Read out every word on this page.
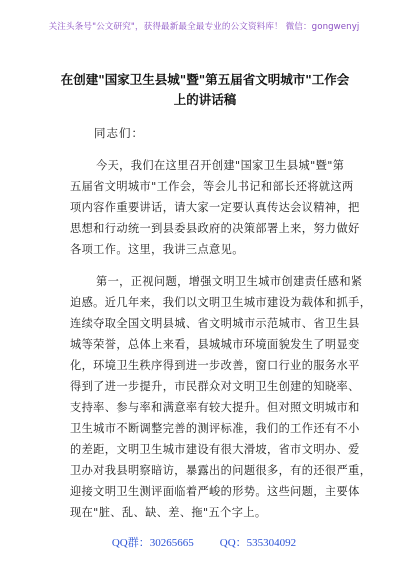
关注头条号"公文研究"，获得最新最全最专业的公文资料库！ 微信：gongwenyj
在创建"国家卫生县城"暨"第五届省文明城市"工作会
上的讲话稿
同志们：
今天，我们在这里召开创建"国家卫生县城"暨"第
五届省文明城市"工作会，等会儿书记和部长还将就这两
项内容作重要讲话，请大家一定要认真传达会议精神，把
思想和行动统一到县委县政府的决策部署上来，努力做好
各项工作。这里，我讲三点意见。
第一，正视问题，增强文明卫生城市创建责任感和紧
迫感。近几年来，我们以文明卫生城市建设为载体和抓手，
连续夺取全国文明县城、省文明城市示范城市、省卫生县
城等荣誉，总体上来看，县城城市环境面貌发生了明显变
化，环境卫生秩序得到进一步改善，窗口行业的服务水平
得到了进一步提升，市民群众对文明卫生创建的知晓率、
支持率、参与率和满意率有较大提升。但对照文明城市和
卫生城市不断调整完善的测评标准，我们的工作还有不小
的差距，文明卫生城市建设有很大滑坡，省市文明办、爱
卫办对我县明察暗访，暴露出的问题很多，有的还很严重，
迎接文明卫生测评面临着严峻的形势。这些问题，主要体
现在"脏、乱、缺、差、拖"五个字上。
QQ群：30265665 QQ：535304092
